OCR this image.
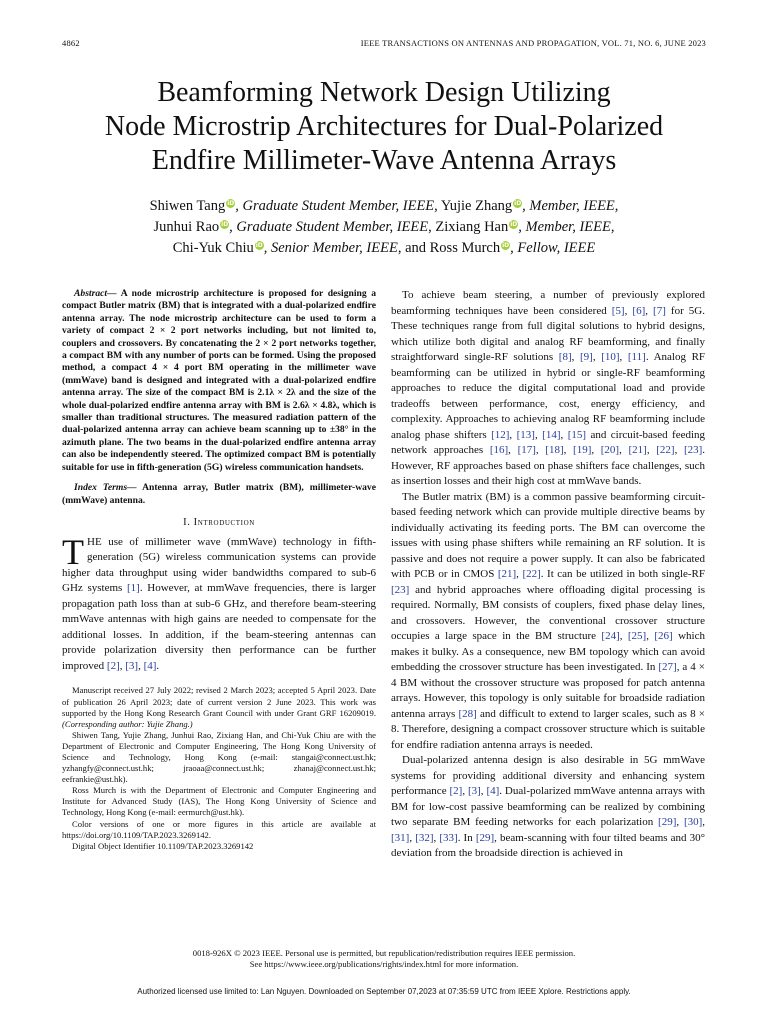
4862	IEEE TRANSACTIONS ON ANTENNAS AND PROPAGATION, VOL. 71, NO. 6, JUNE 2023
Beamforming Network Design Utilizing
Node Microstrip Architectures for Dual-Polarized
Endfire Millimeter-Wave Antenna Arrays
Shiwen Tang iD, Graduate Student Member, IEEE, Yujie Zhang iD, Member, IEEE,
Junhui Rao iD, Graduate Student Member, IEEE, Zixiang Han iD, Member, IEEE,
Chi-Yuk Chiu iD, Senior Member, IEEE, and Ross Murch iD, Fellow, IEEE

Abstract— A node microstrip architecture is proposed for designing a compact Butler matrix (BM) that is integrated with a dual-polarized endfire antenna array. The node microstrip architecture can be used to form a variety of compact 2 × 2 port networks including, but not limited to, couplers and crossovers. By concatenating the 2 × 2 port networks together, a compact BM with any number of ports can be formed. Using the proposed method, a compact 4 × 4 port BM operating in the millimeter wave (mmWave) band is designed and integrated with a dual-polarized endfire antenna array. The size of the compact BM is 2.1λ × 2λ and the size of the whole dual-polarized endfire antenna array with BM is 2.6λ × 4.8λ, which is smaller than traditional structures. The measured radiation pattern of the dual-polarized antenna array can achieve beam scanning up to ±38° in the azimuth plane. The two beams in the dual-polarized endfire antenna array can also be independently steered. The optimized compact BM is potentially suitable for use in fifth-generation (5G) wireless communication handsets.

Index Terms— Antenna array, Butler matrix (BM), millimeter-wave (mmWave) antenna.

I. Introduction

THE use of millimeter wave (mmWave) technology in fifth-generation (5G) wireless communication systems can provide higher data throughput using wider bandwidths compared to sub-6 GHz systems [1]. However, at mmWave frequencies, there is larger propagation path loss than at sub-6 GHz, and therefore beam-steering mmWave antennas with high gains are needed to compensate for the additional losses. In addition, if the beam-steering antennas can provide polarization diversity then performance can be further improved [2], [3], [4].

Manuscript received 27 July 2022; revised 2 March 2023; accepted 5 April 2023. Date of publication 26 April 2023; date of current version 2 June 2023. This work was supported by the Hong Kong Research Grant Council with under Grant GRF 16209019. (Corresponding author: Yujie Zhang.)

Shiwen Tang, Yujie Zhang, Junhui Rao, Zixiang Han, and Chi-Yuk Chiu are with the Department of Electronic and Computer Engineering, The Hong Kong University of Science and Technology, Hong Kong (e-mail: stangai@connect.ust.hk; yzhangfy@connect.ust.hk; jraoaa@connect.ust.hk; zhanaj@connect.ust.hk; eefrankie@ust.hk).

Ross Murch is with the Department of Electronic and Computer Engineering and Institute for Advanced Study (IAS), The Hong Kong University of Science and Technology, Hong Kong (e-mail: eermurch@ust.hk).

Color versions of one or more figures in this article are available at https://doi.org/10.1109/TAP.2023.3269142.

Digital Object Identifier 10.1109/TAP.2023.3269142

To achieve beam steering, a number of previously explored beamforming techniques have been considered [5], [6], [7] for 5G. These techniques range from full digital solutions to hybrid designs, which utilize both digital and analog RF beamforming, and finally straightforward single-RF solutions [8], [9], [10], [11]. Analog RF beamforming can be utilized in hybrid or single-RF beamforming approaches to reduce the digital computational load and provide tradeoffs between performance, cost, energy efficiency, and complexity. Approaches to achieving analog RF beamforming include analog phase shifters [12], [13], [14], [15] and circuit-based feeding network approaches [16], [17], [18], [19], [20], [21], [22], [23]. However, RF approaches based on phase shifters face challenges, such as insertion losses and their high cost at mmWave bands.

The Butler matrix (BM) is a common passive beamforming circuit-based feeding network which can provide multiple directive beams by individually activating its feeding ports. The BM can overcome the issues with using phase shifters while remaining an RF solution. It is passive and does not require a power supply. It can also be fabricated with PCB or in CMOS [21], [22]. It can be utilized in both single-RF [23] and hybrid approaches where offloading digital processing is required. Normally, BM consists of couplers, fixed phase delay lines, and crossovers. However, the conventional crossover structure occupies a large space in the BM structure [24], [25], [26] which makes it bulky. As a consequence, new BM topology which can avoid embedding the crossover structure has been investigated. In [27], a 4 × 4 BM without the crossover structure was proposed for patch antenna arrays. However, this topology is only suitable for broadside radiation antenna arrays [28] and difficult to extend to larger scales, such as 8 × 8. Therefore, designing a compact crossover structure which is suitable for endfire radiation antenna arrays is needed.

Dual-polarized antenna design is also desirable in 5G mmWave systems for providing additional diversity and enhancing system performance [2], [3], [4]. Dual-polarized mmWave antenna arrays with BM for low-cost passive beamforming can be realized by combining two separate BM feeding networks for each polarization [29], [30], [31], [32], [33]. In [29], beam-scanning with four tilted beams and 30° deviation from the broadside direction is achieved in

0018-926X © 2023 IEEE. Personal use is permitted, but republication/redistribution requires IEEE permission.
See https://www.ieee.org/publications/rights/index.html for more information.
Authorized licensed use limited to: Lan Nguyen. Downloaded on September 07,2023 at 07:35:59 UTC from IEEE Xplore. Restrictions apply.
